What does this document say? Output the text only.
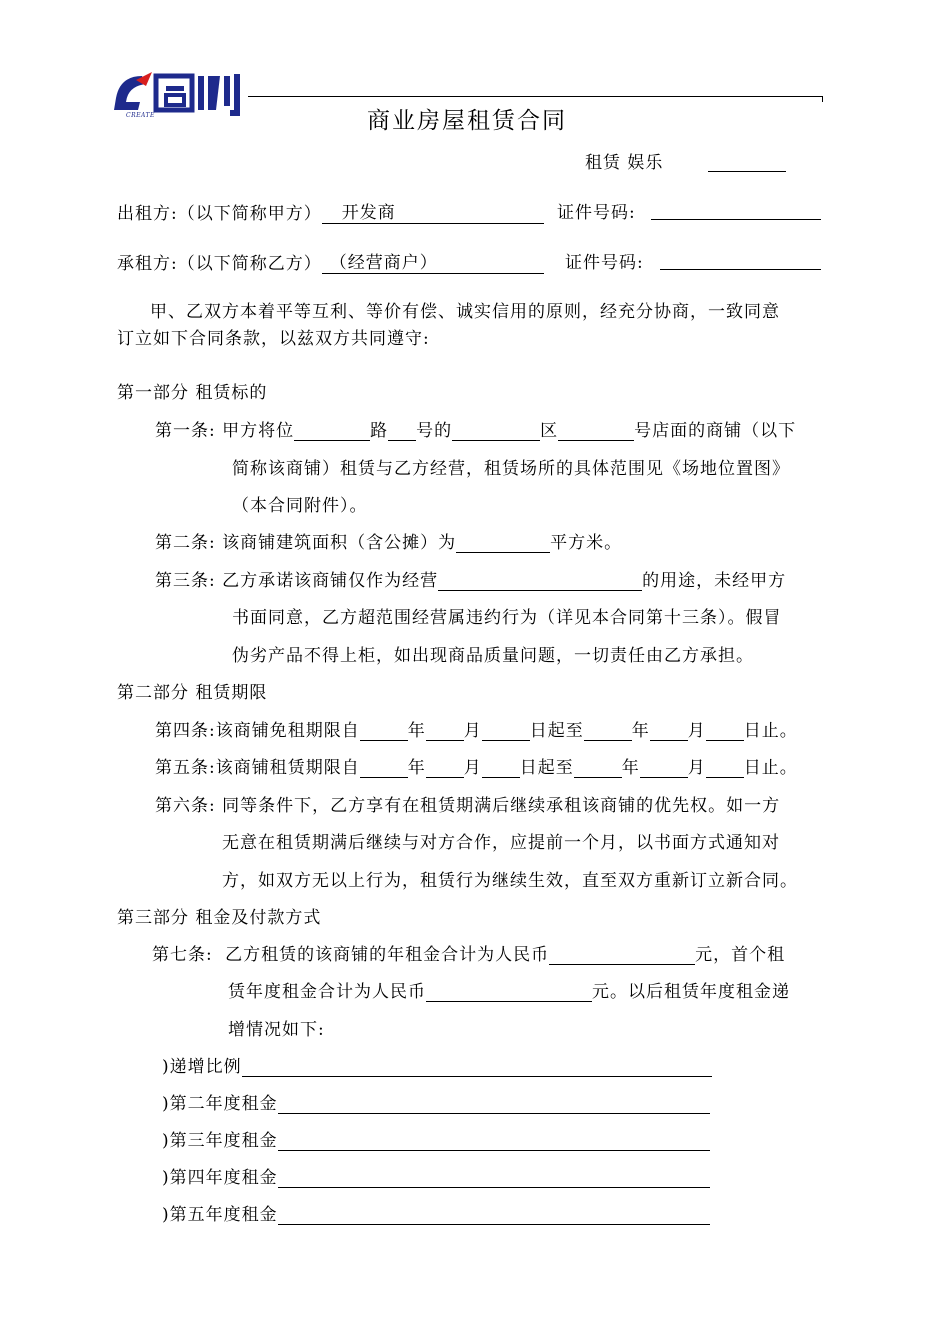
CREATE	商业房屋租赁合同
租赁 娱乐
出租方:（以下简称甲方） 开发商	证件号码:
承租方:（以下简称乙方） （经营商户）	证件号码:
甲、乙双方本着平等互利、等价有偿、诚实信用的原则，经充分协商，一致同意
订立如下合同条款，以兹双方共同遵守:
第一部分 租赁标的
第一条: 甲方将位	路 号的	区	号店面的商铺（以下
简称该商铺）租赁与乙方经营，租赁场所的具体范围见《场地位置图》
（本合同附件）。
第二条: 该商铺建筑面积（含公摊）为	平方米。
第三条: 乙方承诺该商铺仅作为经营	的用途，未经甲方
书面同意，乙方超范围经营属违约行为（详见本合同第十三条）。假冒
伪劣产品不得上柜，如出现商品质量问题，一切责任由乙方承担。
第二部分 租赁期限
第四条:该商铺免租期限自	年 月	日起至	年 月 日止。
第五条:该商铺租赁期限自	年 月 日起至	年	月 日止。
第六条: 同等条件下，乙方享有在租赁期满后继续承租该商铺的优先权。如一方
无意在租赁期满后继续与对方合作，应提前一个月，以书面方式通知对
方，如双方无以上行为，租赁行为继续生效，直至双方重新订立新合同。
第三部分 租金及付款方式
第七条: 乙方租赁的该商铺的年租金合计为人民币	元，首个租
赁年度租金合计为人民币	元。以后租赁年度租金递
增情况如下:
)递增比例
)第二年度租金
)第三年度租金
)第四年度租金
)第五年度租金
